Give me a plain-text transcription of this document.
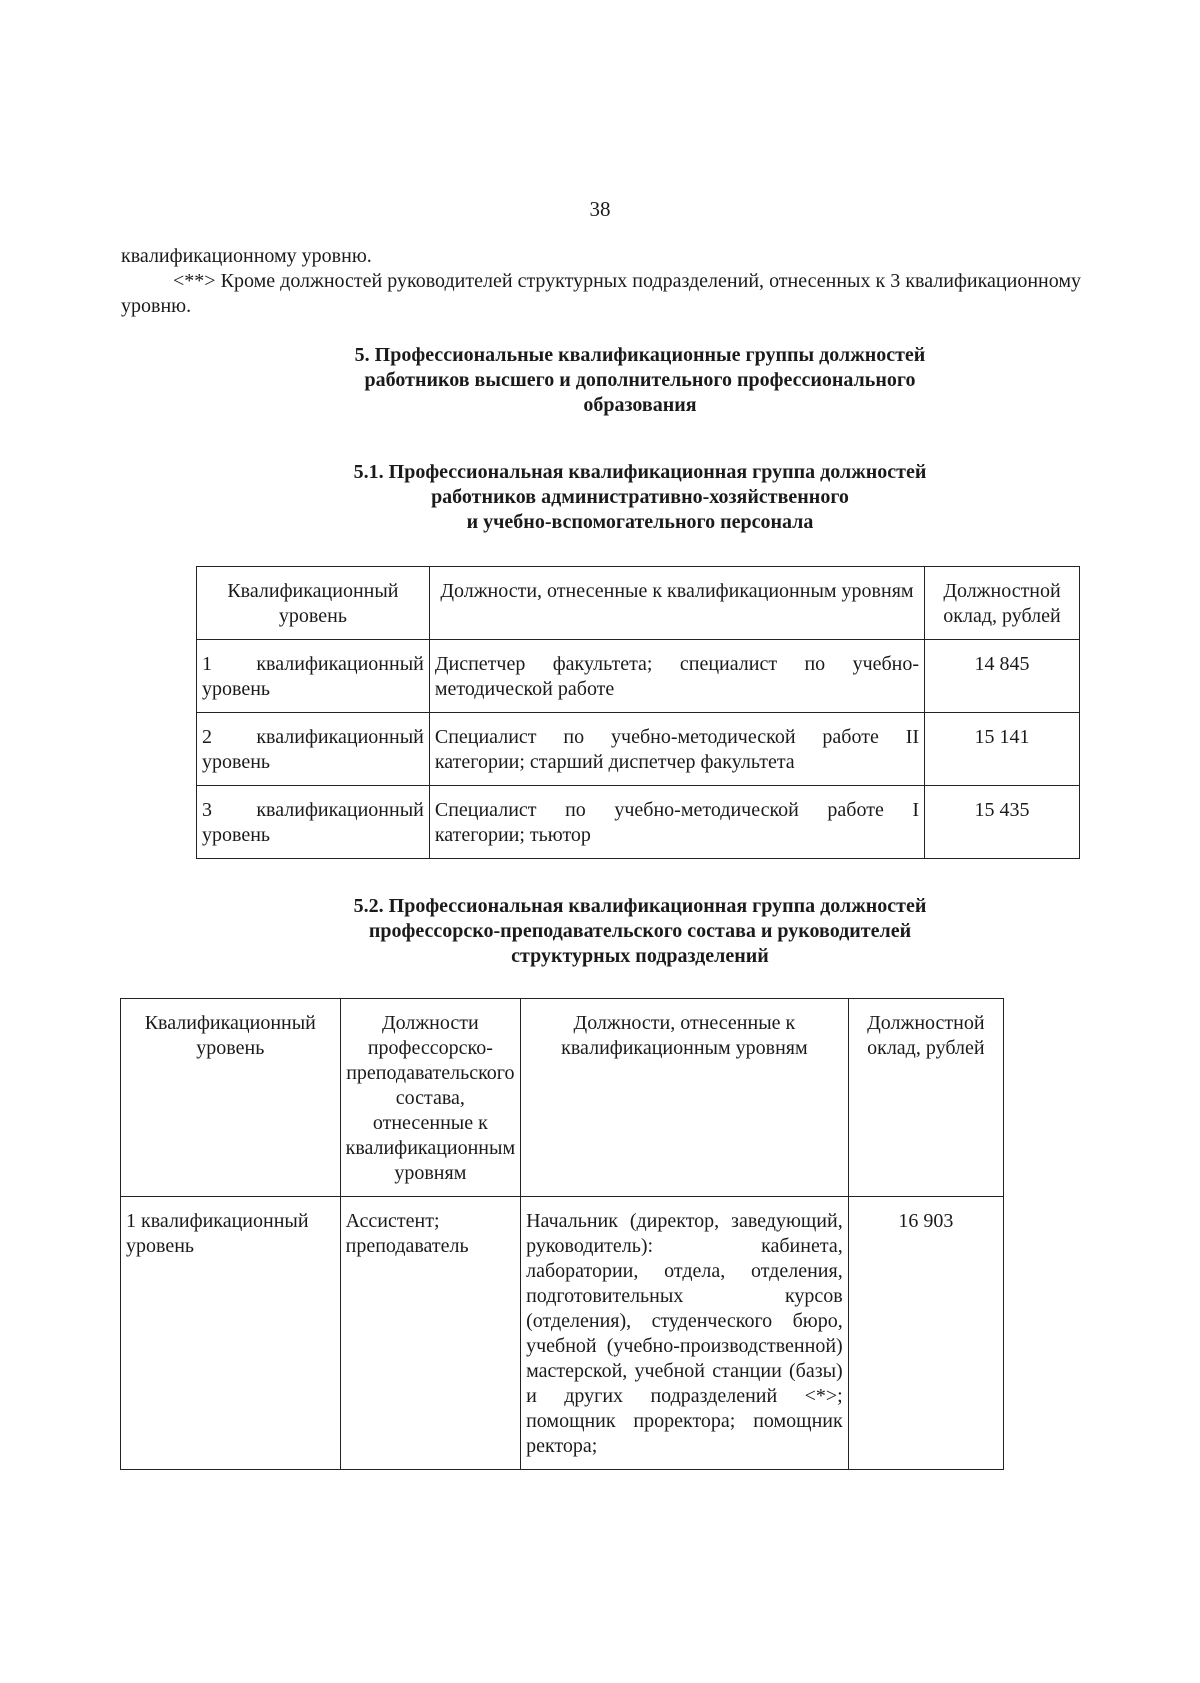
38

квалификационному уровню.

<**> Кроме должностей руководителей структурных подразделений, отнесенных к 3 квалификационному уровню.

5. Профессиональные квалификационные группы должностей
работников высшего и дополнительного профессионального
образования
5.1. Профессиональная квалификационная группа должностей
работников административно-хозяйственного
и учебно-вспомогательного персонала
Квалификационный уровень	Должности, отнесенные к квалификационным уровням	Должностной оклад, рублей
1 квалификационный уровень	Диспетчер факультета; специалист по учебно-методической работе	14 845
2 квалификационный уровень	Специалист по учебно-методической работе II категории; старший диспетчер факультета	15 141
3 квалификационный уровень	Специалист по учебно-методической работе I категории; тьютор	15 435
5.2. Профессиональная квалификационная группа должностей
профессорско-преподавательского состава и руководителей
структурных подразделений
Квалификационный уровень	Должности профессорско-преподавательского состава, отнесенные к квалификационным уровням	Должности, отнесенные к квалификационным уровням	Должностной оклад, рублей
1 квалификационный уровень	Ассистент; преподаватель	Начальник (директор, заведующий, руководитель): кабинета, лаборатории, отдела, отделения, подготовительных курсов (отделения), студенческого бюро, учебной (учебно-производственной) мастерской, учебной станции (базы) и других подразделений <*>; помощник проректора; помощник ректора;	16 903
